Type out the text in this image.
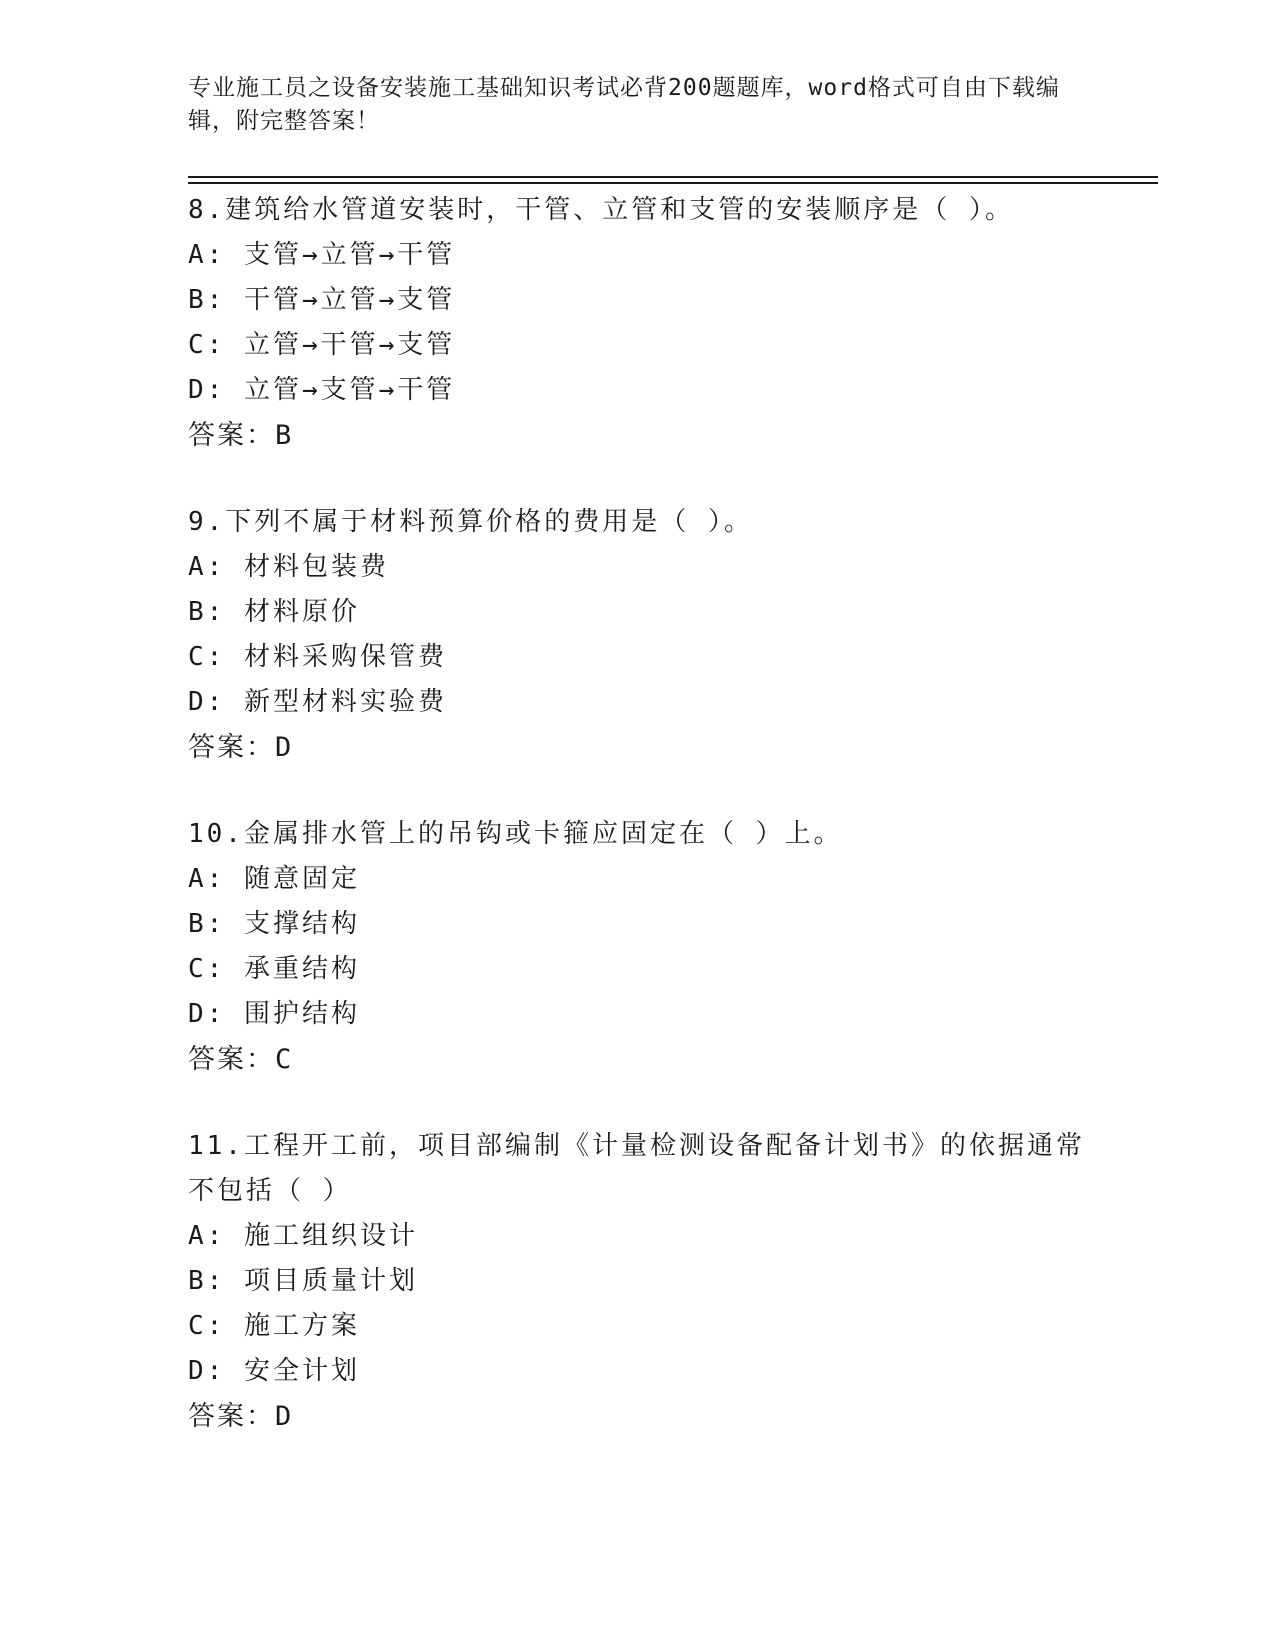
专业施工员之设备安装施工基础知识考试必背200题题库，word格式可自由下载编辑，附完整答案！
8.建筑给水管道安装时，干管、立管和支管的安装顺序是（ ）。
A: 支管→立管→干管
B: 干管→立管→支管
C: 立管→干管→支管
D: 立管→支管→干管
答案：B
9.下列不属于材料预算价格的费用是（ ）。
A: 材料包装费
B: 材料原价
C: 材料采购保管费
D: 新型材料实验费
答案：D
10.金属排水管上的吊钩或卡箍应固定在（ ）上。
A: 随意固定
B: 支撑结构
C: 承重结构
D: 围护结构
答案：C
11.工程开工前，项目部编制《计量检测设备配备计划书》的依据通常不包括（ ）
A: 施工组织设计
B: 项目质量计划
C: 施工方案
D: 安全计划
答案：D
